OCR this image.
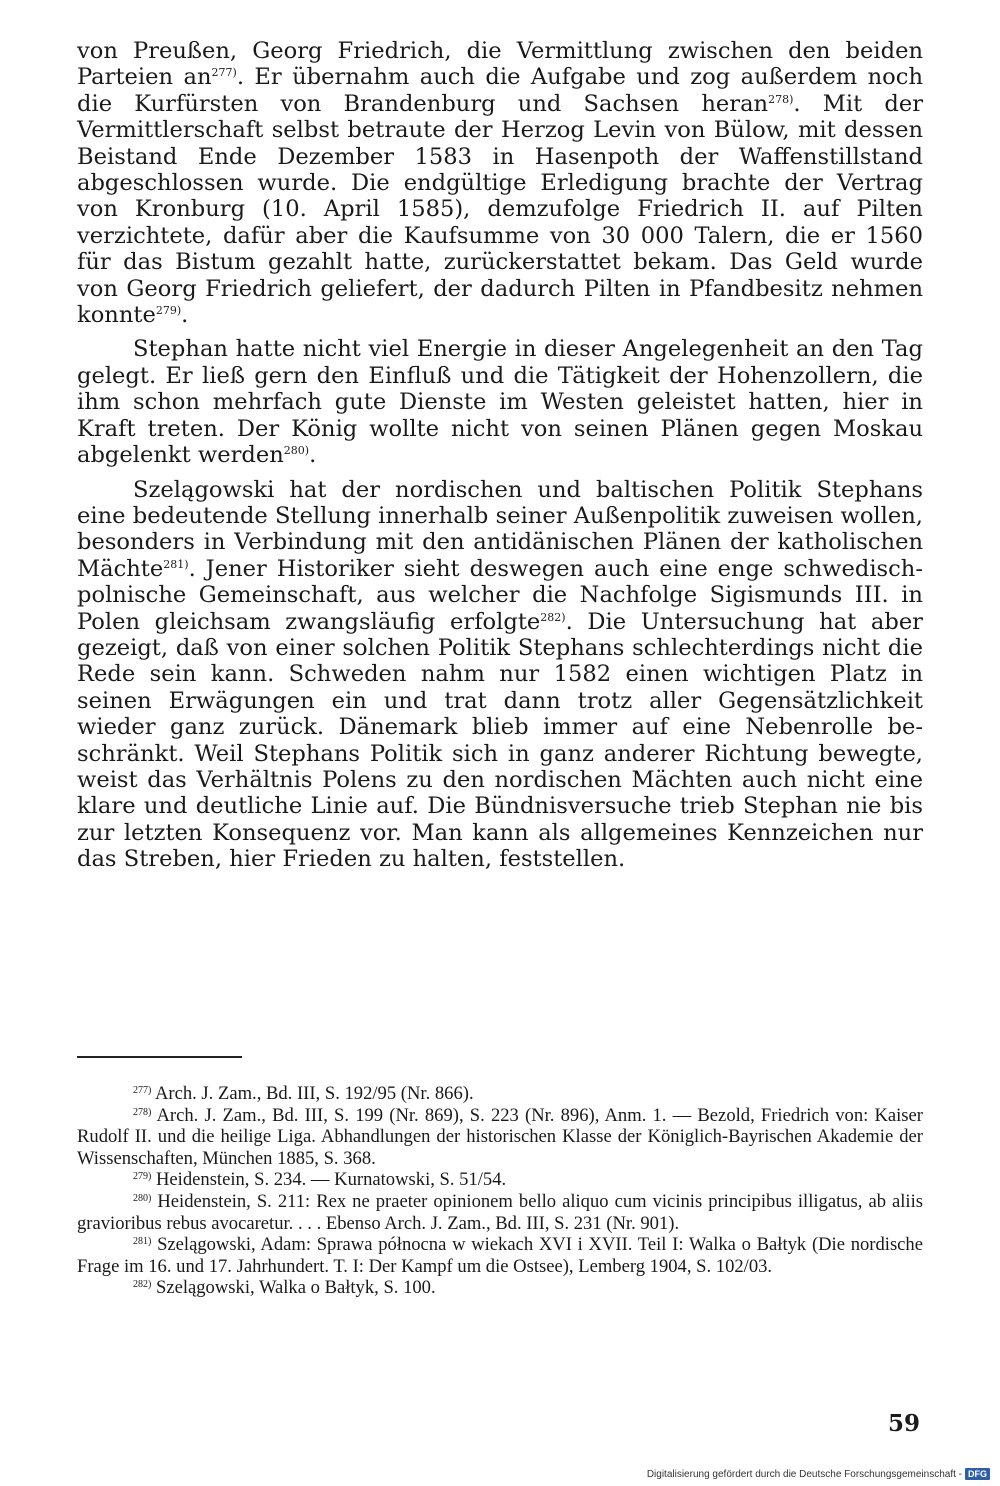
von Preußen, Georg Friedrich, die Vermittlung zwischen den beiden Parteien an$^{277)}$. Er übernahm auch die Aufgabe und zog außerdem noch die Kurfürsten von Brandenburg und Sachsen heran$^{278)}$. Mit der Vermittlerschaft selbst betraute der Herzog Levin von Bülow, mit dessen Beistand Ende Dezember 1583 in Hasenpoth der Waffenstillstand abgeschlossen wurde. Die endgültige Erledigung brachte der Vertrag von Kronburg (10. April 1585), demzufolge Friedrich II. auf Pilten verzichtete, dafür aber die Kaufsumme von 30 000 Talern, die er 1560 für das Bistum gezahlt hatte, zurückerstattet bekam. Das Geld wurde von Georg Friedrich geliefert, der dadurch Pilten in Pfandbesitz nehmen konnte$^{279)}$.

Stephan hatte nicht viel Energie in dieser Angelegenheit an den Tag gelegt. Er ließ gern den Einfluß und die Tätigkeit der Hohenzollern, die ihm schon mehrfach gute Dienste im Westen geleistet hatten, hier in Kraft treten. Der König wollte nicht von seinen Plänen gegen Moskau abgelenkt werden$^{280)}$.

Szelągowski hat der nordischen und baltischen Politik Stephans eine bedeutende Stellung innerhalb seiner Außenpolitik zuweisen wollen, besonders in Verbindung mit den antidänischen Plänen der katholischen Mächte$^{281)}$. Jener Historiker sieht deswegen auch eine enge schwedisch-polnische Gemeinschaft, aus welcher die Nachfolge Sigismunds III. in Polen gleichsam zwangsläufig erfolgte$^{282)}$. Die Untersuchung hat aber gezeigt, daß von einer solchen Politik Stephans schlechterdings nicht die Rede sein kann. Schweden nahm nur 1582 einen wichtigen Platz in seinen Erwägungen ein und trat dann trotz aller Gegensätzlichkeit wieder ganz zurück. Dänemark blieb immer auf eine Nebenrolle beschränkt. Weil Stephans Politik sich in ganz anderer Richtung bewegte, weist das Verhältnis Polens zu den nordischen Mächten auch nicht eine klare und deutliche Linie auf. Die Bündnisversuche trieb Stephan nie bis zur letzten Konsequenz vor. Man kann als allgemeines Kennzeichen nur das Streben, hier Frieden zu halten, feststellen.

$^{277)}$ Arch. J. Zam., Bd. III, S. 192/95 (Nr. 866).

$^{278)}$ Arch. J. Zam., Bd. III, S. 199 (Nr. 869), S. 223 (Nr. 896), Anm. 1. — Bezold, Friedrich von: Kaiser Rudolf II. und die heilige Liga. Abhandlungen der historischen Klasse der Königlich-Bayrischen Akademie der Wissenschaften, München 1885, S. 368.

$^{279)}$ Heidenstein, S. 234. — Kurnatowski, S. 51/54.

$^{280)}$ Heidenstein, S. 211: Rex ne praeter opinionem bello aliquo cum vicinis principibus illigatus, ab aliis gravioribus rebus avocaretur. . . . Ebenso Arch. J. Zam., Bd. III, S. 231 (Nr. 901).

$^{281)}$ Szelągowski, Adam: Sprawa północna w wiekach XVI i XVII. Teil I: Walka o Bałtyk (Die nordische Frage im 16. und 17. Jahrhundert. T. I: Der Kampf um die Ostsee), Lemberg 1904, S. 102/03.

$^{282)}$ Szelągowski, Walka o Bałtyk, S. 100.

59
Digitalisierung gefördert durch die Deutsche Forschungsgemeinschaft - DFG
